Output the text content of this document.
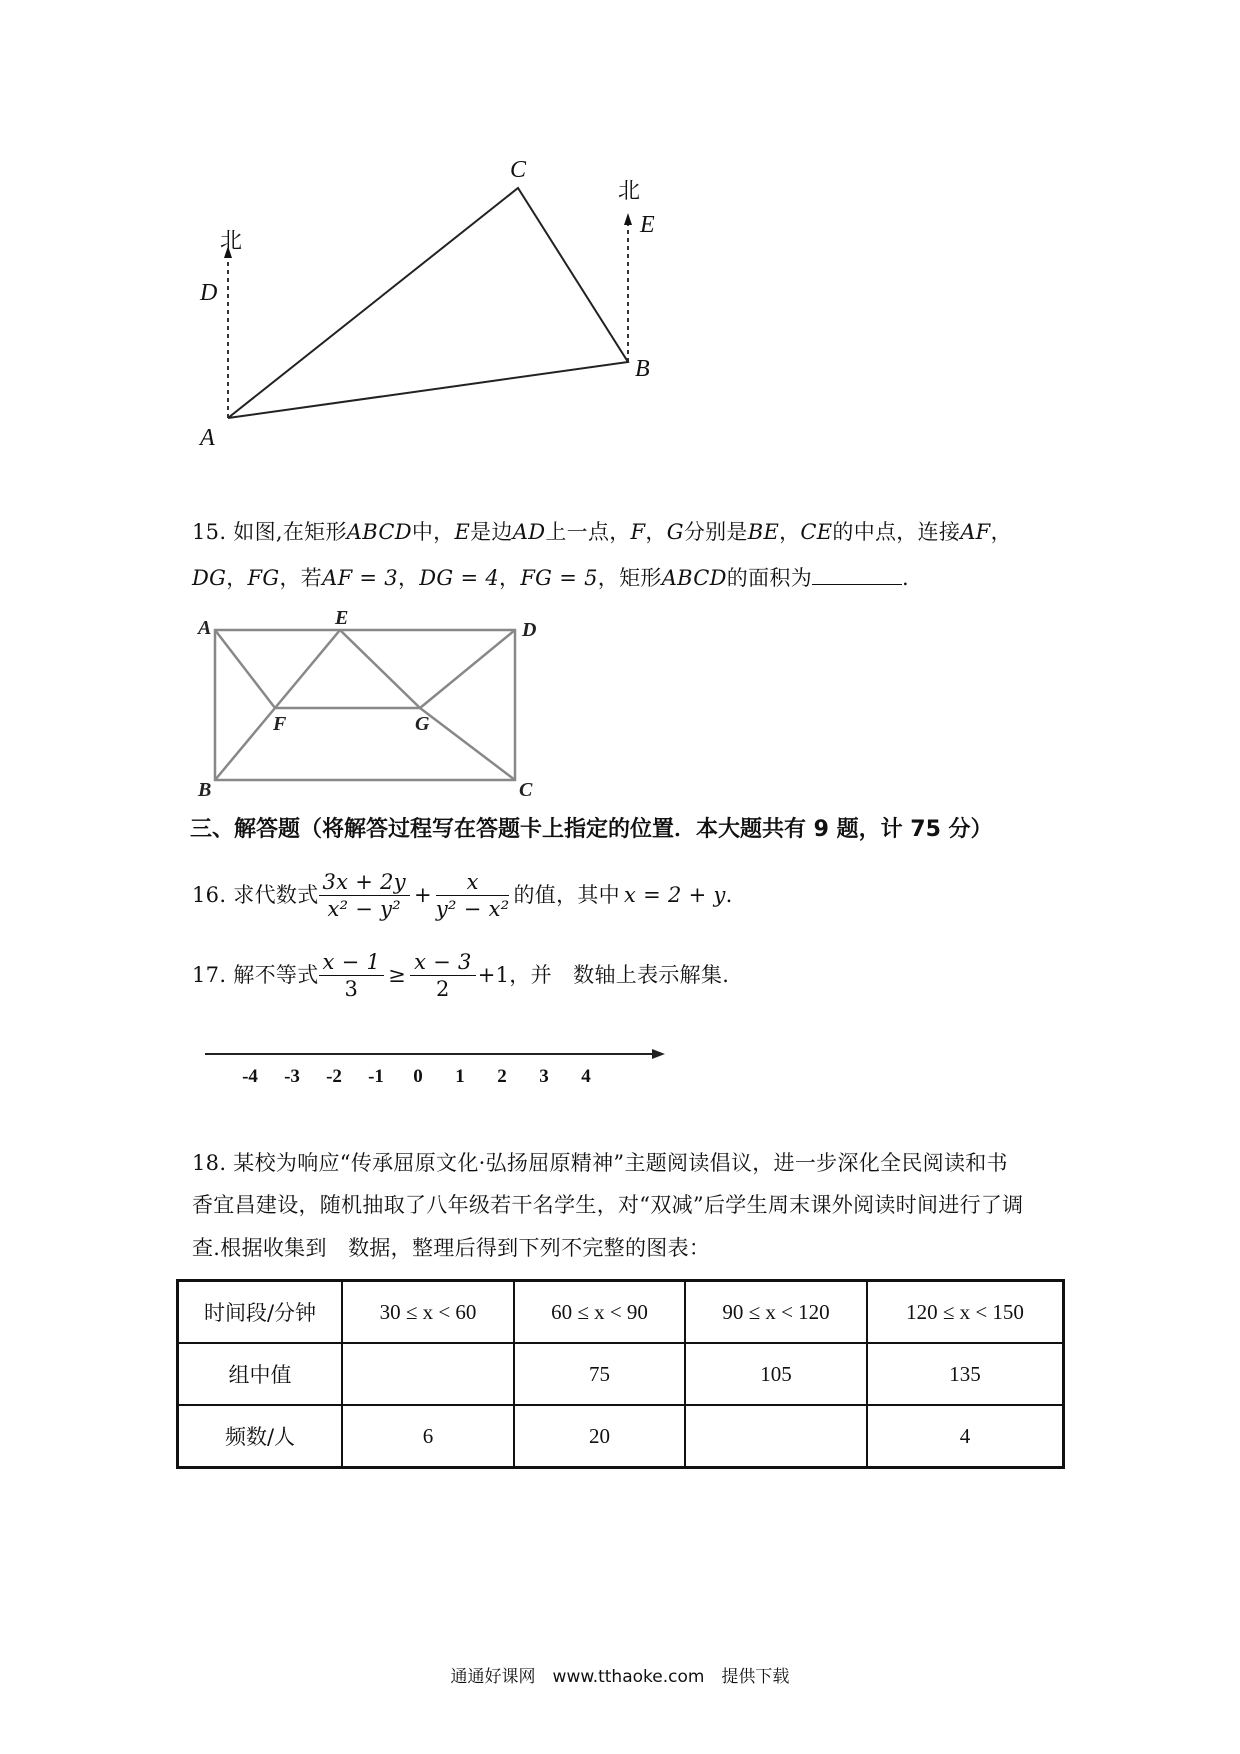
A
B
C
D
E
北
北
15. 如图,在矩形ABCD中，E是边AD上一点，F，G分别是BE，CE的中点，连接AF，
DG，FG，若AF = 3，DG = 4，FG = 5，矩形ABCD的面积为	.
A	E
D
F	G
B	C
三、解答题（将解答过程写在答题卡上指定的位置．本大题共有 9 题，计 75 分）
16.
求代数式 $\frac{3x + 2y}{\text{x² − y²}} + \frac{x}{\text{y² − x²}}$ 的值，其中 x = 2 + y .
17.
解不等式 $\frac{x - 1}{3} \ge \frac{x - 3}{2} +1$ ，并　数轴上表示解集.
-4 -3 -2 -1 0 1 2 3 4
18. 某校为响应“传承屈原文化·弘扬屈原精神”主题阅读倡议，进一步深化全民阅读和书
香宜昌建设，随机抽取了八年级若干名学生，对“双减”后学生周末课外阅读时间进行了调
查.根据收集到　数据，整理后得到下列不完整的图表：
时间段/分钟	30 ≤ x < 60	60 ≤ x < 90	90 ≤ x < 120	120 ≤ x < 150
组中值		75	105	135
频数/人	6	20		4
通通好课网　www.tthaoke.com　提供下载
